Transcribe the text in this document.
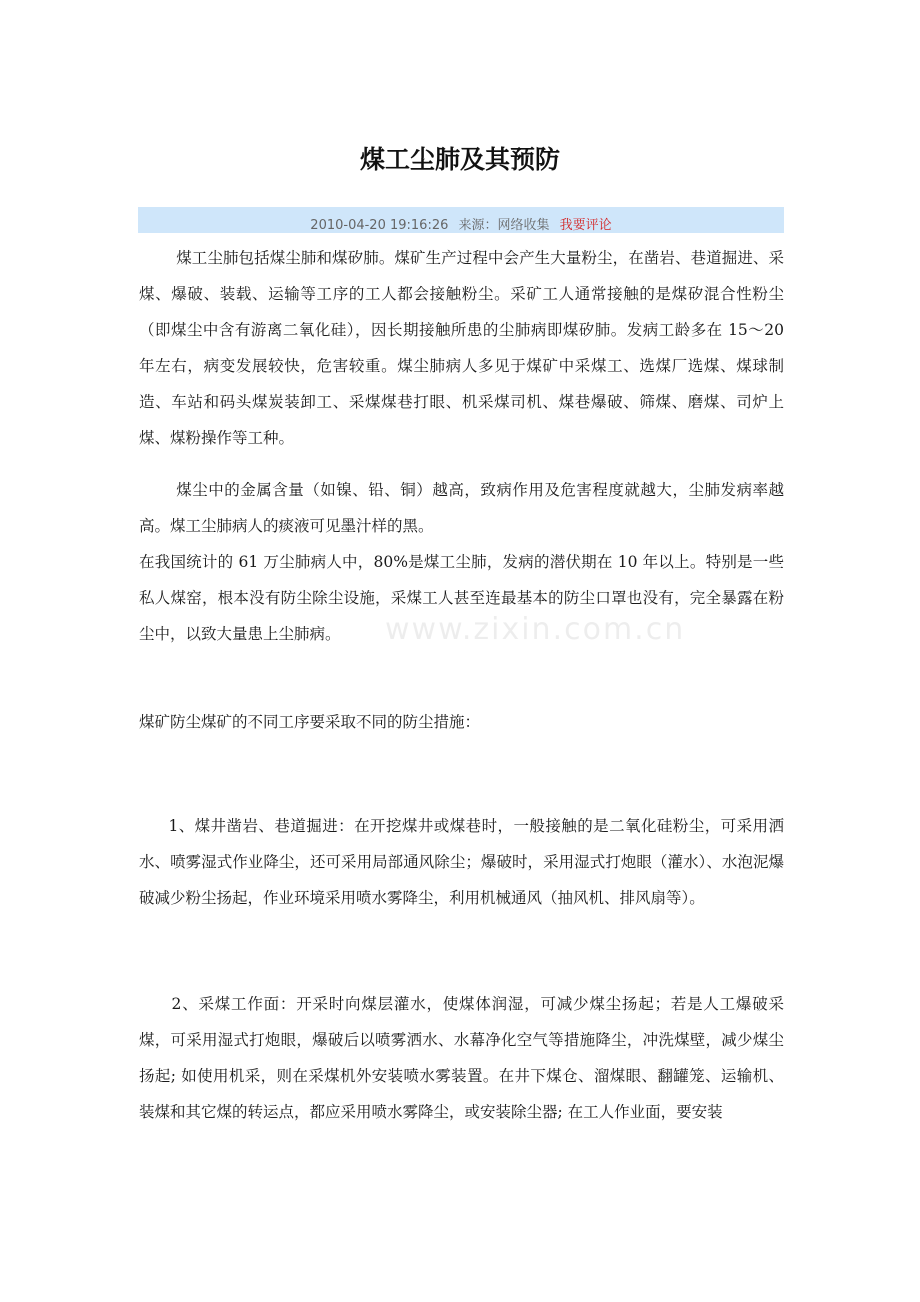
煤工尘肺及其预防
2010-04-20 19:16:26 来源：网络收集 我要评论

煤工尘肺包括煤尘肺和煤矽肺。煤矿生产过程中会产生大量粉尘，在凿岩、巷道掘进、采煤、爆破、装载、运输等工序的工人都会接触粉尘。采矿工人通常接触的是煤矽混合性粉尘（即煤尘中含有游离二氧化硅），因长期接触所患的尘肺病即煤矽肺。发病工龄多在 15～20 年左右，病变发展较快，危害较重。煤尘肺病人多见于煤矿中采煤工、选煤厂选煤、煤球制造、车站和码头煤炭装卸工、采煤煤巷打眼、机采煤司机、煤巷爆破、筛煤、磨煤、司炉上煤、煤粉操作等工种。

煤尘中的金属含量（如镍、铅、铜）越高，致病作用及危害程度就越大，尘肺发病率越高。煤工尘肺病人的痰液可见墨汁样的黑。

在我国统计的 61 万尘肺病人中，80%是煤工尘肺，发病的潜伏期在 10 年以上。特别是一些私人煤窑，根本没有防尘除尘设施，采煤工人甚至连最基本的防尘口罩也没有，完全暴露在粉尘中，以致大量患上尘肺病。

煤矿防尘煤矿的不同工序要采取不同的防尘措施：

1、煤井凿岩、巷道掘进：在开挖煤井或煤巷时，一般接触的是二氧化硅粉尘，可采用洒水、喷雾湿式作业降尘，还可采用局部通风除尘；爆破时，采用湿式打炮眼（灌水）、水泡泥爆破减少粉尘扬起，作业环境采用喷水雾降尘，利用机械通风（抽风机、排风扇等）。

2、采煤工作面：开采时向煤层灌水，使煤体润湿，可减少煤尘扬起；若是人工爆破采煤，可采用湿式打炮眼，爆破后以喷雾洒水、水幕净化空气等措施降尘，冲洗煤壁，减少煤尘扬起; 如使用机采，则在采煤机外安装喷水雾装置。在井下煤仓、溜煤眼、翻罐笼、运输机、装煤和其它煤的转运点，都应采用喷水雾降尘，或安装除尘器; 在工人作业面，要安装

www.zixin.com.cn
